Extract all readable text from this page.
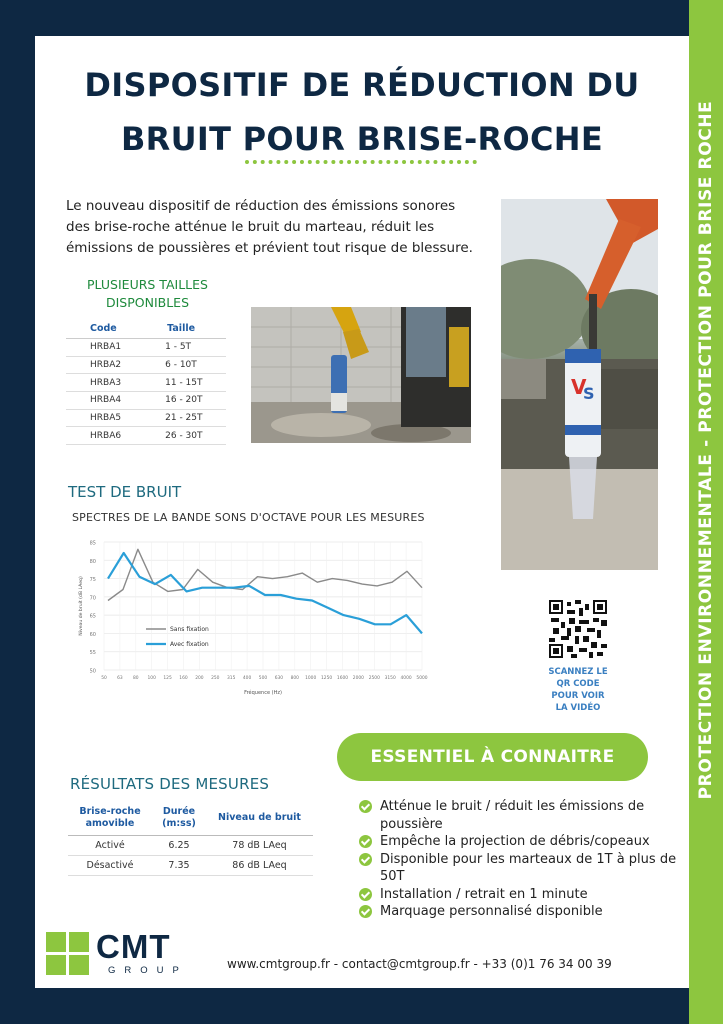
PROTECTION ENVIRONNEMENTALE - PROTECTION POUR BRISE ROCHE
DISPOSITIF DE RÉDUCTION DU
BRUIT POUR BRISE-ROCHE

Le nouveau dispositif de réduction des émissions sonores des brise-roche atténue le bruit du marteau, réduit les émissions de poussières et prévient tout risque de blessure.

PLUSIEURS TAILLES
DISPONIBLES
Code	Taille
HRBA1	1 - 5T
HRBA2	6 - 10T
HRBA3	11 - 15T
HRBA4	16 - 20T
HRBA5	21 - 25T
HRBA6	26 - 30T
V
S
TEST DE BRUIT
SPECTRES DE LA BANDE SONS D'OCTAVE POUR LES MESURES
50
55
60
65
70
75
80
85
50 63 80 100 125 160 200 250 315 400 500 630 800 1000 1250 1600 2000 2500 3150 4000 5000
Fréquence (Hz)
Niveau de bruit (dB LAeq)	Sans fixation
Avec fixation
SCANNEZ LE
QR CODE
POUR VOIR
LA VIDÉO
ESSENTIEL À CONNAITRE
RÉSULTATS DES MESURES
Brise-roche amovible	Durée (m:ss)	Niveau de bruit
Activé	6.25	78 dB LAeq
Désactivé	7.35	86 dB LAeq
Atténue le bruit / réduit les émissions de poussière
Empêche la projection de débris/copeaux
Disponible pour les marteaux de 1T à plus de 50T
Installation / retrait en 1 minute
Marquage personnalisé disponible
CMT
GROUP	www.cmtgroup.fr - contact@cmtgroup.fr - +33 (0)1 76 34 00 39
